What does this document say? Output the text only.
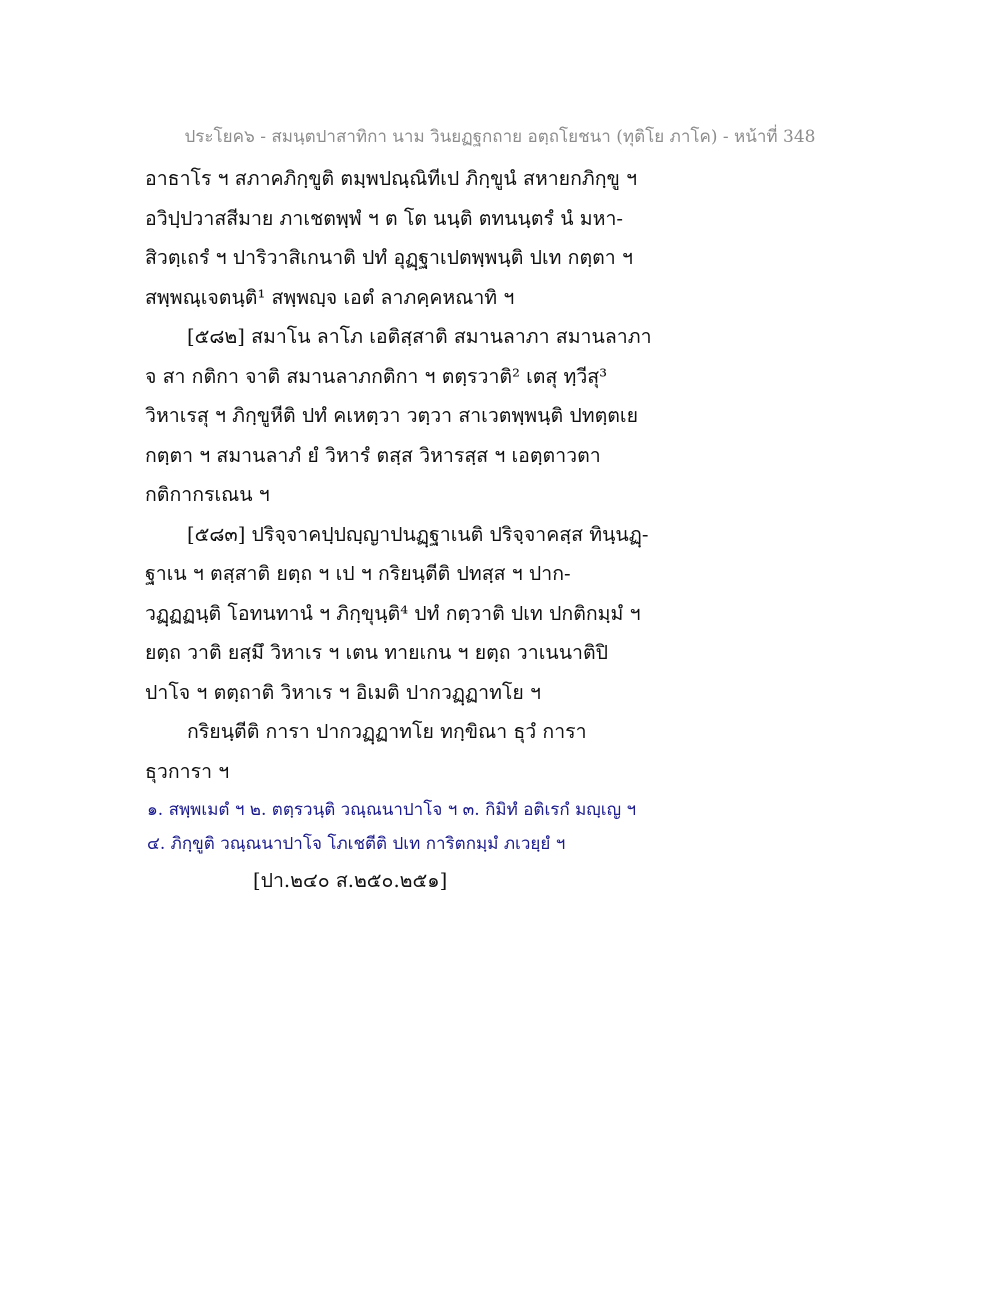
ประโยค๖ - สมนฺตปาสาทิกา นาม วินยฏฐกถาย อตฺถโยชนา (ทุติโย ภาโค) - หน้าที่ 348
อาธาโร ฯ สภาคภิกฺขูติ ตมฺพปณฺณิทีเป ภิกฺขูนํ สหายกภิกฺขู ฯ
อวิปฺปวาสสีมาย ภาเชตพฺพํ ฯ ต โต นนฺติ ตทนนฺตรํ นํ มหา-
สิวตฺเถรํ ฯ ปาริวาสิเกนาติ ปทํ อุฏฺฐาเปตพฺพนฺติ ปเท กตฺตา ฯ
สพฺพณฺเจตนฺติ¹ สพฺพญฺจ เอตํ ลาภคฺคหณาทิ ฯ
[๕๘๒] สมาโน ลาโภ เอติสฺสาติ สมานลาภา สมานลาภา
จ สา กติกา จาติ สมานลาภกติกา ฯ ตตฺรวาติ² เตสุ ทฺวีสุ³
วิหาเรสุ ฯ ภิกฺขูหีติ ปทํ คเหตฺวา วตฺวา สาเวตพฺพนฺติ ปทตฺตเย
กตฺตา ฯ สมานลาภํ ยํ วิหารํ ตสฺส วิหารสฺส ฯ เอตฺตาวตา
กติกากรเณน ฯ
[๕๘๓] ปริจฺจาคปฺปญฺญาปนฏฺฐาเนติ ปริจฺจาคสฺส ทินฺนฏฺ-
ฐาเน ฯ ตสฺสาติ ยตฺถ ฯ เป ฯ กริยนฺตีติ ปทสฺส ฯ ปาก-
วฏฺฏฏนฺติ โอทนทานํ ฯ ภิกฺขุนฺติ⁴ ปทํ กตฺวาติ ปเท ปกติกมฺมํ ฯ
ยตฺถ วาติ ยสฺมึ วิหาเร ฯ เตน ทายเกน ฯ ยตฺถ วาเนนาติปิ
ปาโจ ฯ ตตฺถาติ วิหาเร ฯ อิเมติ ปากวฏฺฏาทโย ฯ
กริยนฺตีติ การา ปากวฏฺฏาทโย ทกฺขิณา ธุวํ การา
ธุวการา ฯ
๑. สพฺพเมตํ ฯ ๒. ตตฺรวนฺติ วณฺณนาปาโจ ฯ ๓. กิมิทํ อติเรกํ มญฺเญ ฯ
๔. ภิกฺขูติ วณฺณนาปาโจ โภเชตีติ ปเท การิตกมฺมํ ภเวยฺยํ ฯ
[ปา.๒๔๐ ส.๒๕๐.๒๕๑]
